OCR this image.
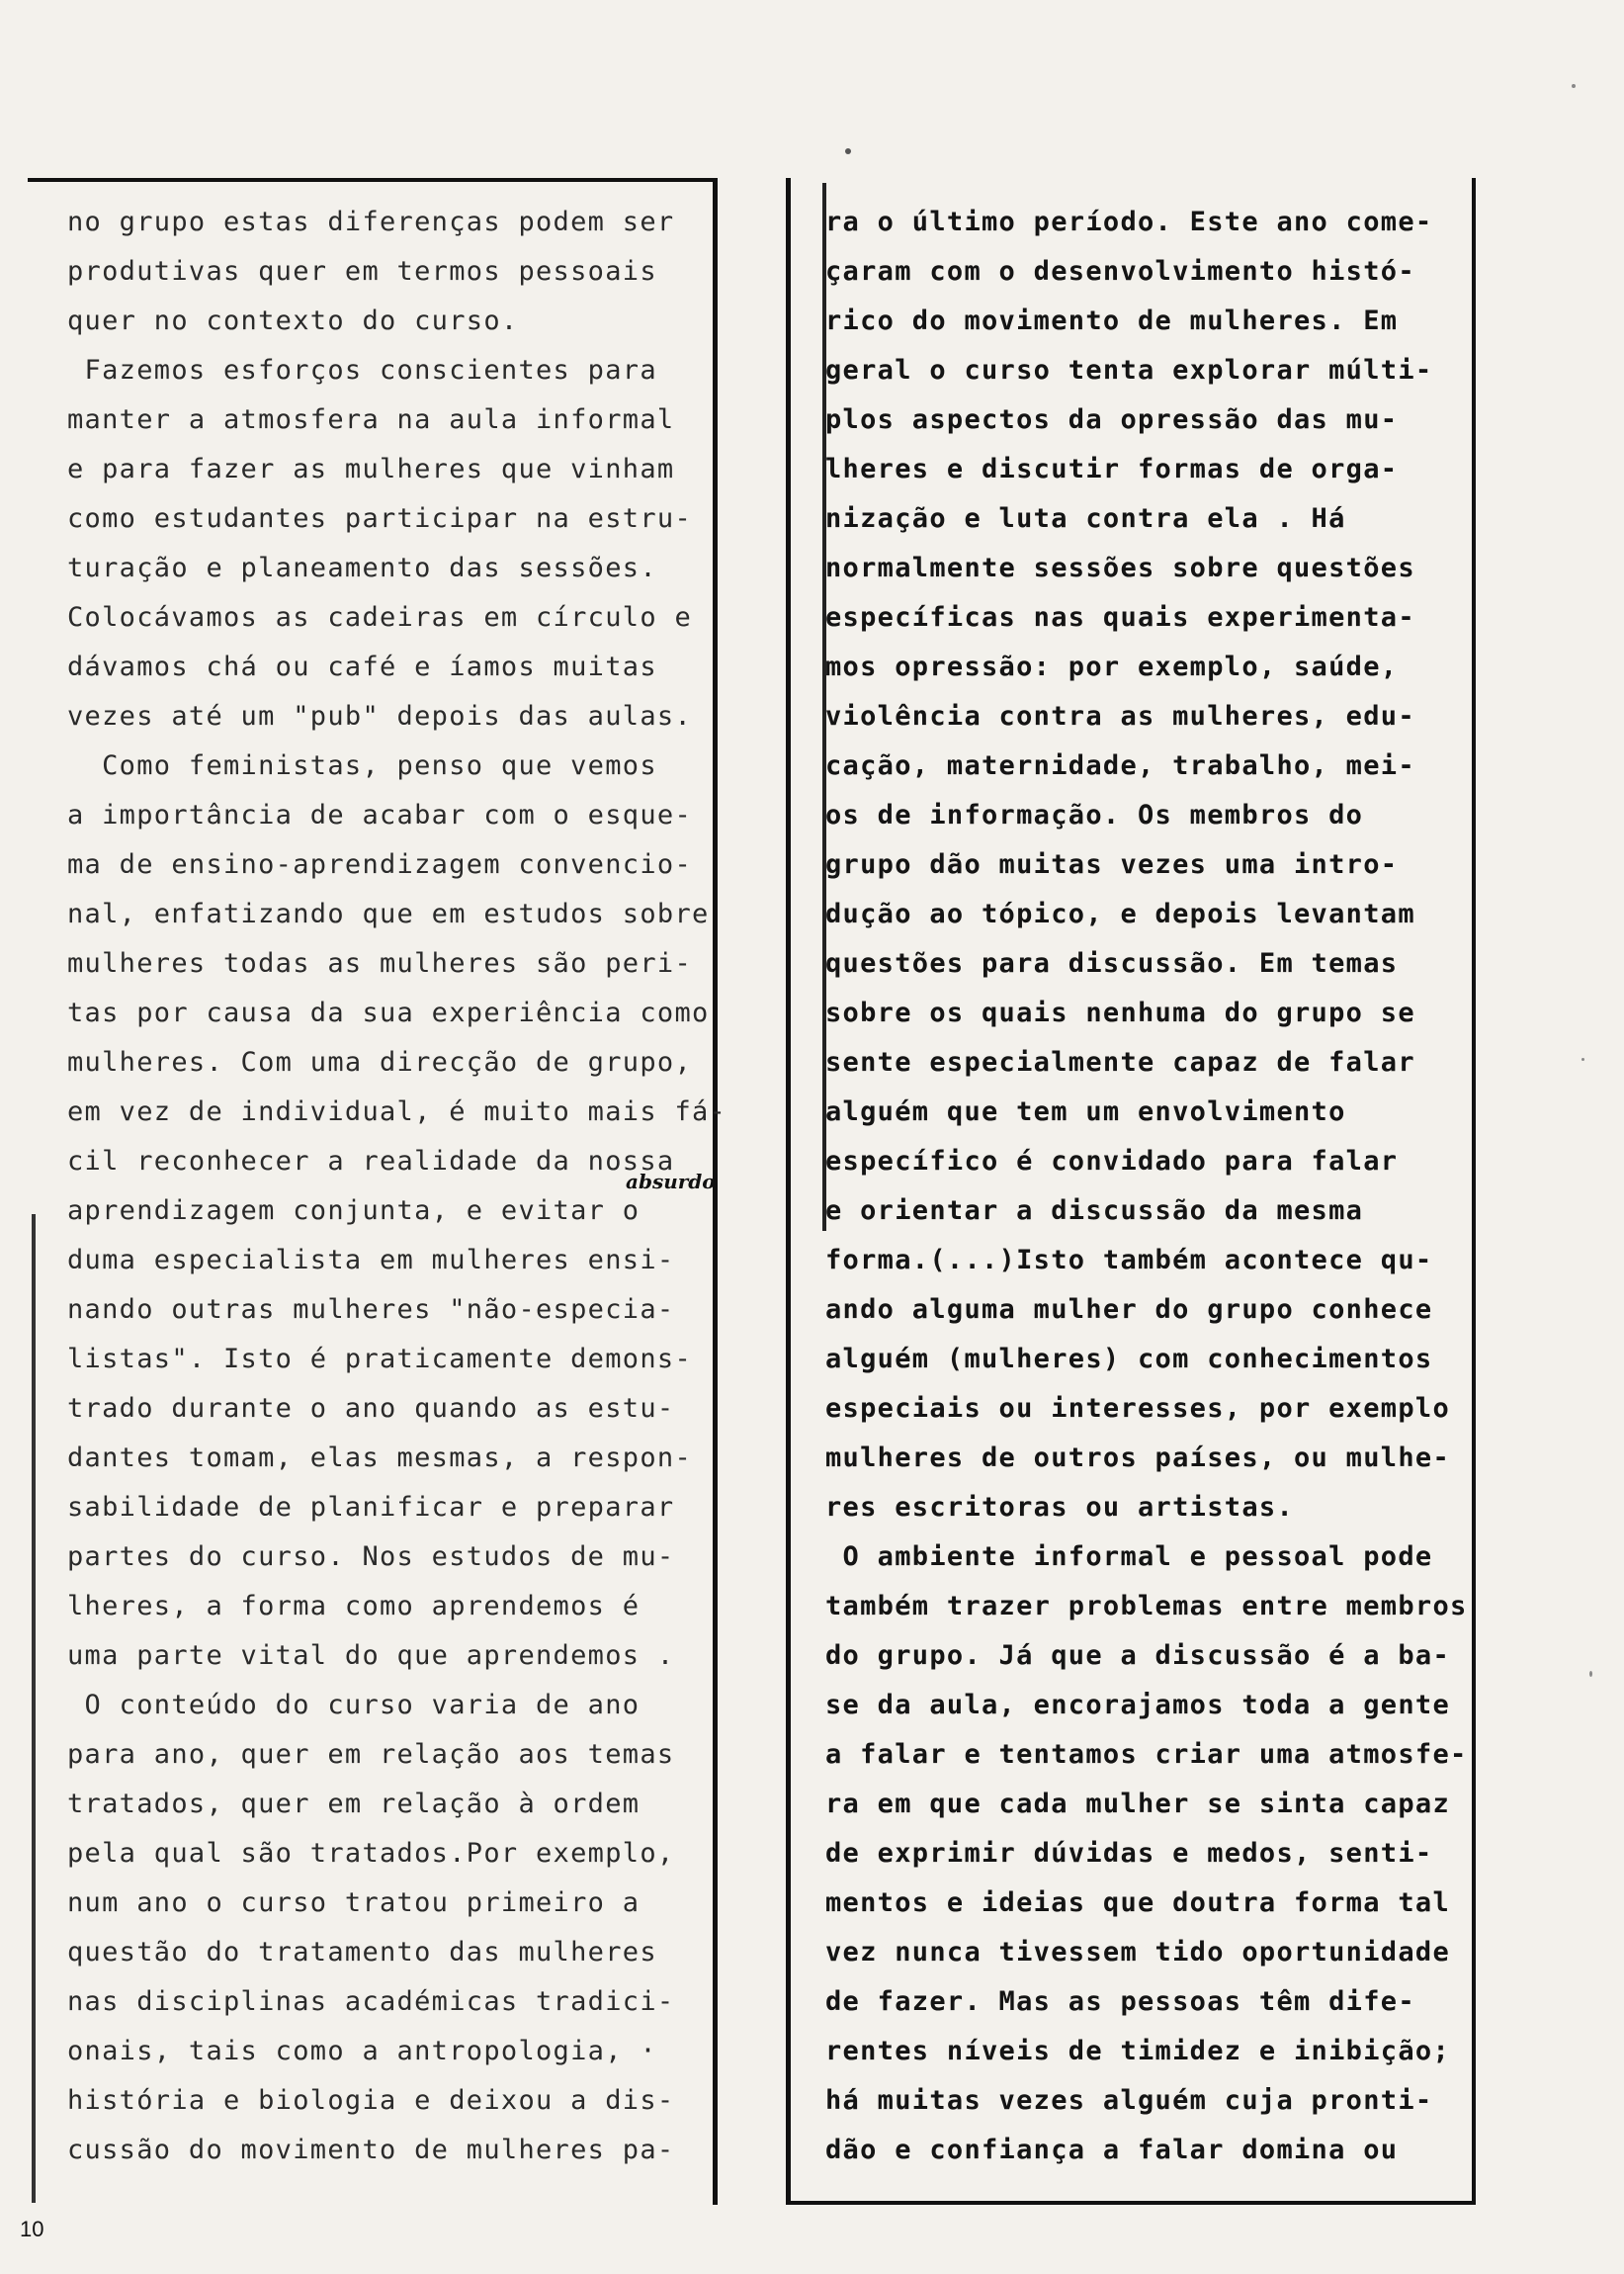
no grupo estas diferenças podem ser
produtivas quer em termos pessoais
quer no contexto do curso.
Fazemos esforços conscientes para
manter a atmosfera na aula informal
e para fazer as mulheres que vinham
como estudantes participar na estru-
turação e planeamento das sessões.
Colocávamos as cadeiras em círculo e
dávamos chá ou café e íamos muitas
vezes até um "pub" depois das aulas.
Como feministas, penso que vemos
a importância de acabar com o esque-
ma de ensino-aprendizagem convencio-
nal, enfatizando que em estudos sobre
mulheres todas as mulheres são peri-
tas por causa da sua experiência como
mulheres. Com uma direcção de grupo,
em vez de individual, é muito mais fá-
cil reconhecer a realidade da nossa
aprendizagem conjunta, e evitar o
duma especialista em mulheres ensi-
nando outras mulheres "não-especia-
listas". Isto é praticamente demons-
trado durante o ano quando as estu-
dantes tomam, elas mesmas, a respon-
sabilidade de planificar e preparar
partes do curso. Nos estudos de mu-
lheres, a forma como aprendemos é
uma parte vital do que aprendemos .
O conteúdo do curso varia de ano
para ano, quer em relação aos temas
tratados, quer em relação à ordem
pela qual são tratados.Por exemplo,
num ano o curso tratou primeiro a
questão do tratamento das mulheres
nas disciplinas académicas tradici-
onais, tais como a antropologia, ·
história e biologia e deixou a dis-
cussão do movimento de mulheres pa-
ra o último período. Este ano come-
çaram com o desenvolvimento histó-
rico do movimento de mulheres. Em
geral o curso tenta explorar múlti-
plos aspectos da opressão das mu-
lheres e discutir formas de orga-
nização e luta contra ela . Há
normalmente sessões sobre questões
específicas nas quais experimenta-
mos opressão: por exemplo, saúde,
violência contra as mulheres, edu-
cação, maternidade, trabalho, mei-
os de informação. Os membros do
grupo dão muitas vezes uma intro-
dução ao tópico, e depois levantam
questões para discussão. Em temas
sobre os quais nenhuma do grupo se
sente especialmente capaz de falar
alguém que tem um envolvimento
específico é convidado para falar
e orientar a discussão da mesma
forma.(...)Isto também acontece qu-
ando alguma mulher do grupo conhece
alguém (mulheres) com conhecimentos
especiais ou interesses, por exemplo
mulheres de outros países, ou mulhe-
res escritoras ou artistas.
O ambiente informal e pessoal pode
também trazer problemas entre membros
do grupo. Já que a discussão é a ba-
se da aula, encorajamos toda a gente
a falar e tentamos criar uma atmosfe-
ra em que cada mulher se sinta capaz
de exprimir dúvidas e medos, senti-
mentos e ideias que doutra forma tal
vez nunca tivessem tido oportunidade
de fazer. Mas as pessoas têm dife-
rentes níveis de timidez e inibição;
há muitas vezes alguém cuja pronti-
dão e confiança a falar domina ou
absurdo
10
